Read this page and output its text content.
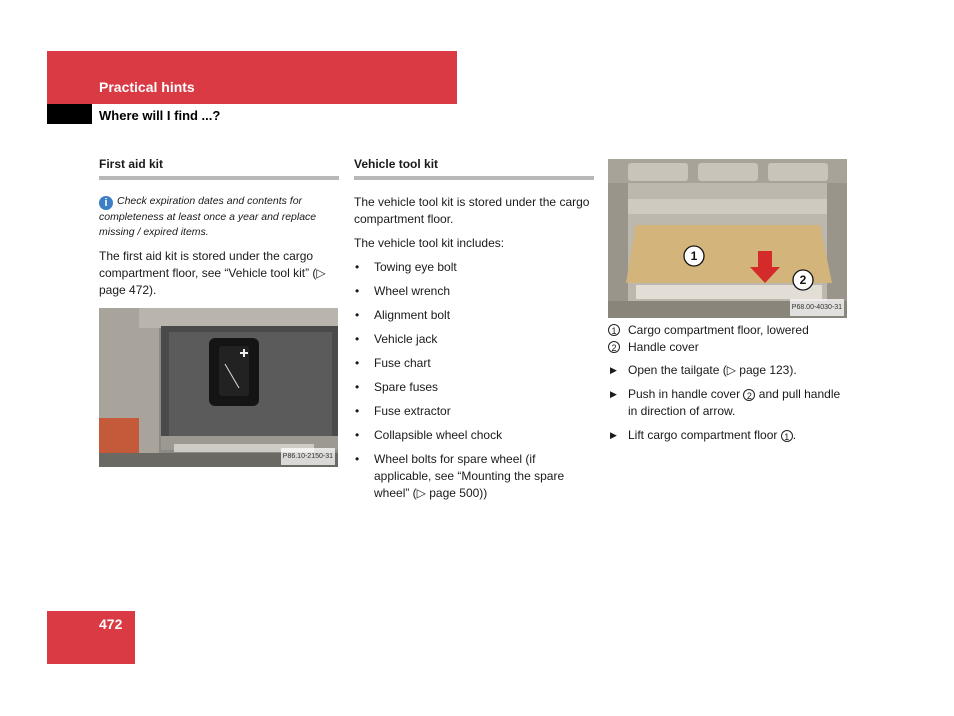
Practical hints
Where will I find ...?
First aid kit
i Check expiration dates and contents for completeness at least once a year and replace missing / expired items.

The first aid kit is stored under the cargo compartment floor, see “Vehicle tool kit” (▷ page 472).

P86.10-2150-31
Vehicle tool kit

The vehicle tool kit is stored under the cargo compartment floor.

The vehicle tool kit includes:

• Towing eye bolt
• Wheel wrench
• Alignment bolt
• Vehicle jack
• Fuse chart
• Spare fuses
• Fuse extractor
• Collapsible wheel chock
• Wheel bolts for spare wheel (if applicable, see “Mounting the spare wheel” (▷ page 500))
1
2
P68.00-4030-31
1 Cargo compartment floor, lowered
2 Handle cover
▶ Open the tailgate (▷ page 123).
▶ Push in handle cover 2 and pull handle in direction of arrow.
▶ Lift cargo compartment floor 1 .
472
